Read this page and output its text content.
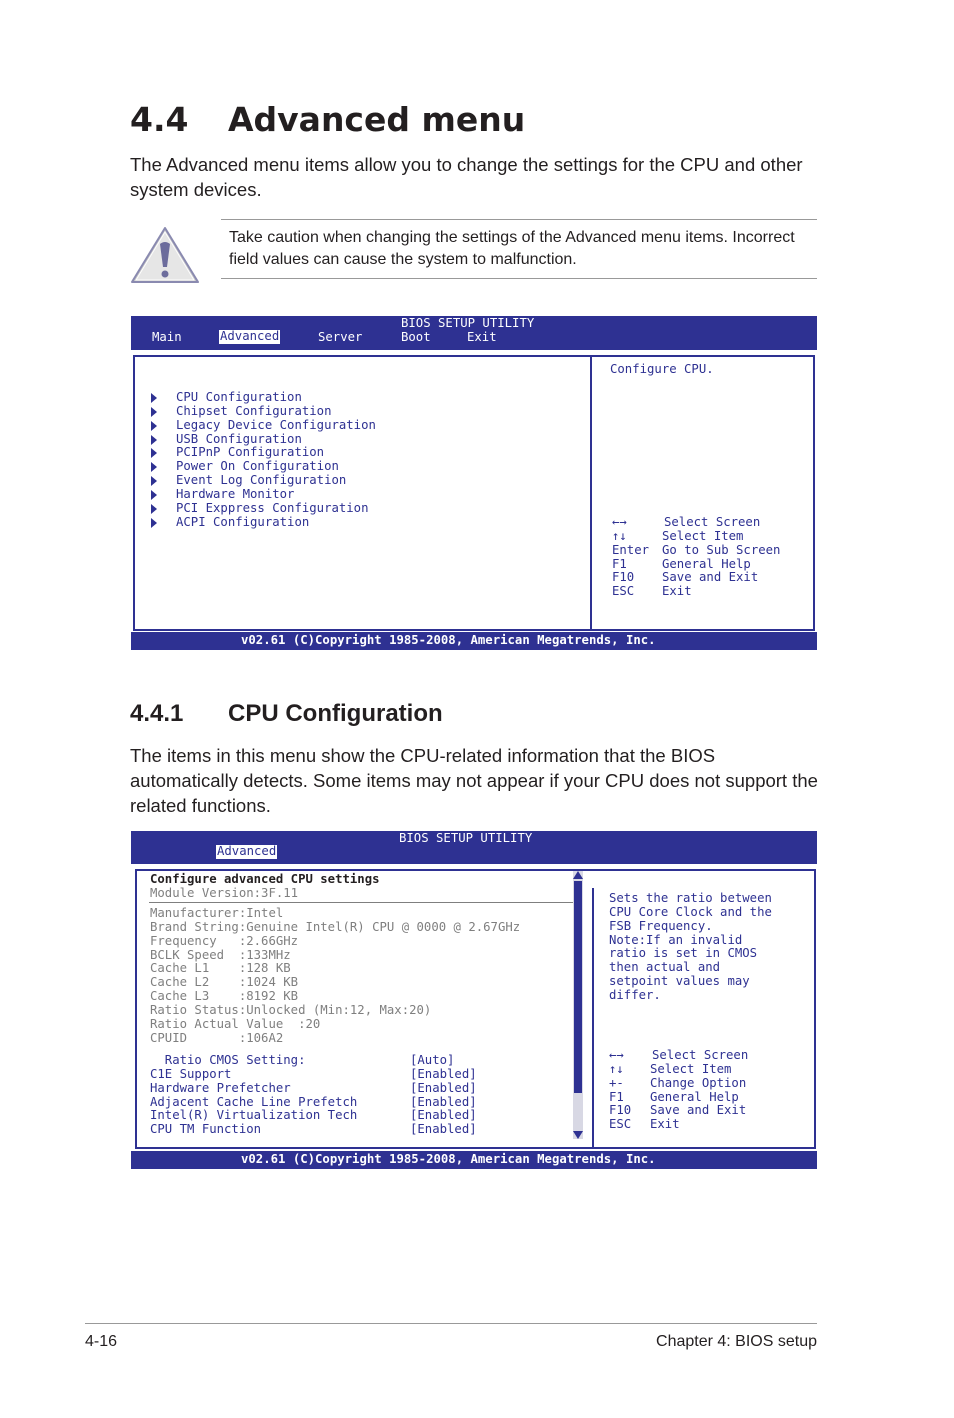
4.4 Advanced menu
The Advanced menu items allow you to change the settings for the CPU and other system devices.
Take caution when changing the settings of the Advanced menu items. Incorrect field values can cause the system to malfunction.
BIOS SETUP UTILITY
Main	Advanced	Server	Boot	Exit
CPU Configuration
Chipset Configuration
Legacy Device Configuration
USB Configuration
PCIPnP Configuration
Power On Configuration
Event Log Configuration
Hardware Monitor
PCI Exppress Configuration
ACPI Configuration
Configure CPU.
←→	Select Screen
↑↓	Select Item
Enter Go to Sub Screen
F1	General Help
F10 Save and Exit
ESC Exit
v02.61 (C)Copyright 1985-2008, American Megatrends, Inc.
4.4.1 CPU Configuration
The items in this menu show the CPU-related information that the BIOS automatically detects. Some items may not appear if your CPU does not support the related functions.
BIOS SETUP UTILITY
Advanced
Configure advanced CPU settings
Module Version:3F.11
Manufacturer:Intel
Brand String:Genuine Intel(R) CPU @ 0000 @ 2.67GHz
Frequency   :2.66GHz
BCLK Speed  :133MHz
Cache L1    :128 KB
Cache L2    :1024 KB
Cache L3    :8192 KB
Ratio Status:Unlocked (Min:12, Max:20)
Ratio Actual Value  :20
CPUID       :106A2
Ratio CMOS Setting:	[Auto]
C1E Support	[Enabled]
Hardware Prefetcher	[Enabled]
Adjacent Cache Line Prefetch	[Enabled]
Intel(R) Virtualization Tech	[Enabled]
CPU TM Function	[Enabled]
Sets the ratio between
CPU Core Clock and the
FSB Frequency.
Note:If an invalid
ratio is set in CMOS
then actual and
setpoint values may
differ.
←→ Select Screen
↑↓ Select Item
+- Change Option
F1 General Help
F10 Save and Exit
ESC Exit
v02.61 (C)Copyright 1985-2008, American Megatrends, Inc.
4-16	Chapter 4: BIOS setup
